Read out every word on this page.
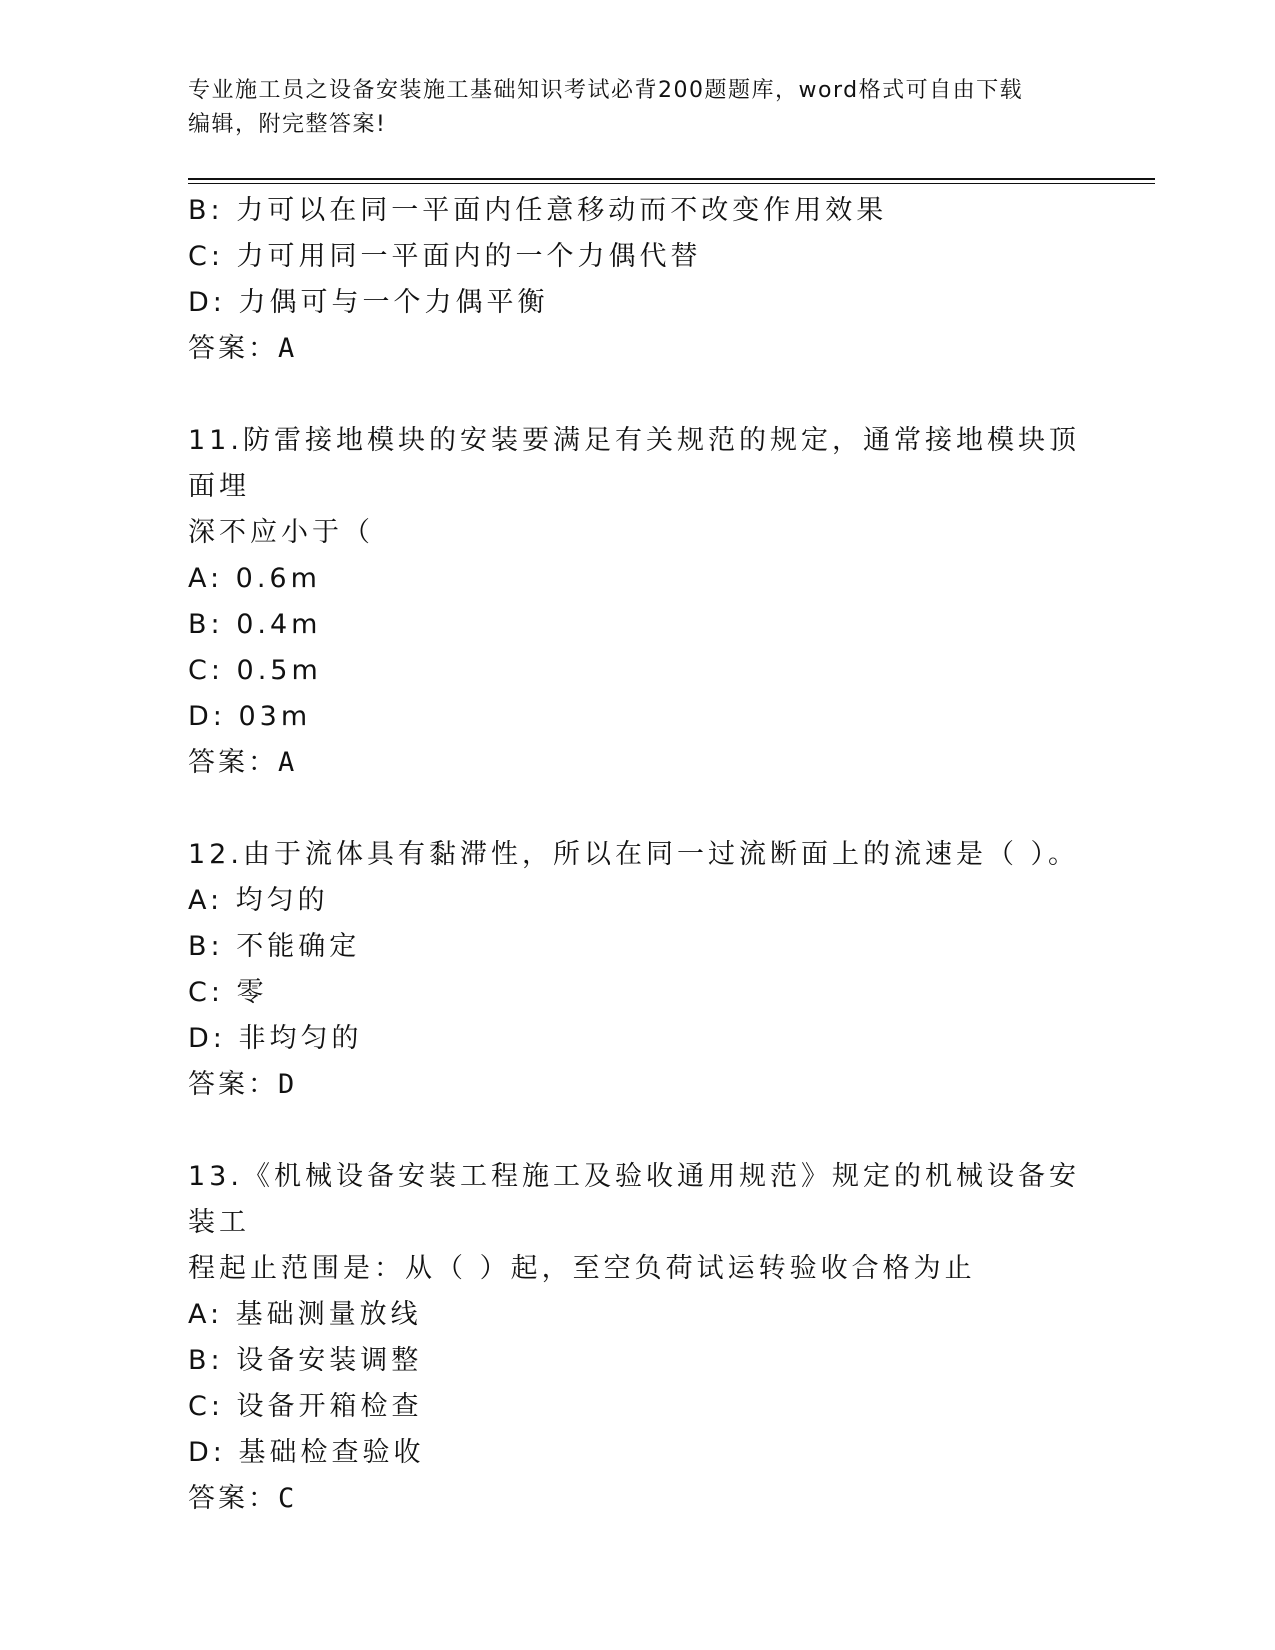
专业施工员之设备安装施工基础知识考试必背200题题库，word格式可自由下载
编辑，附完整答案!
B: 力可以在同一平面内任意移动而不改变作用效果
C: 力可用同一平面内的一个力偶代替
D: 力偶可与一个力偶平衡
答案：A
11.防雷接地模块的安装要满足有关规范的规定，通常接地模块顶面埋
深不应小于（
A: 0.6m
B: 0.4m
C: 0.5m
D: 03m
答案：A
12.由于流体具有黏滞性，所以在同一过流断面上的流速是（ ）。
A: 均匀的
B: 不能确定
C: 零
D: 非均匀的
答案：D
13.《机械设备安装工程施工及验收通用规范》规定的机械设备安装工
程起止范围是：从（ ）起，至空负荷试运转验收合格为止
A: 基础测量放线
B: 设备安装调整
C: 设备开箱检查
D: 基础检查验收
答案：C
